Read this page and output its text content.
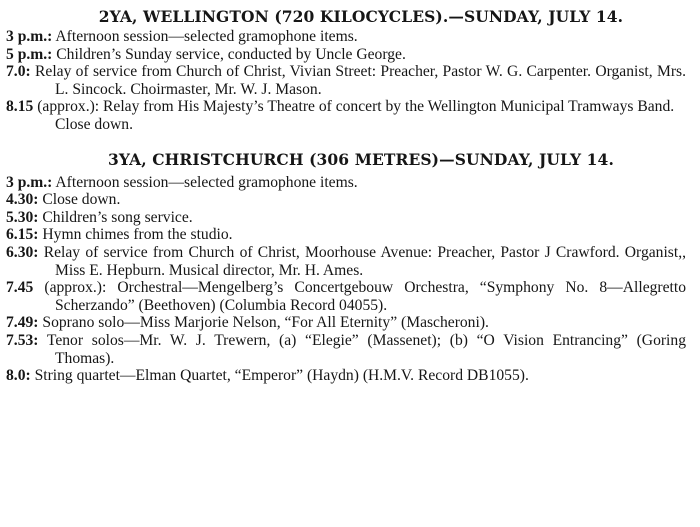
2YA, WELLINGTON (720 KILOCYCLES).—SUNDAY, JULY 14.
3 p.m.: Afternoon session—selected gramophone items.
5 p.m.: Children’s Sunday service, conducted by Uncle George.
7.0: Relay of service from Church of Christ, Vivian Street: Preacher, Pastor W. G. Carpenter. Organist, Mrs. L. Sincock. Choirmaster, Mr. W. J. Mason.
8.15 (approx.): Relay from His Majesty’s Theatre of concert by the Wellington Municipal Tramways Band.
Close down.
3YA, CHRISTCHURCH (306 METRES)—SUNDAY, JULY 14.
3 p.m.: Afternoon session—selected gramophone items.
4.30: Close down.
5.30: Children’s song service.
6.15: Hymn chimes from the studio.
6.30: Relay of service from Church of Christ, Moorhouse Avenue: Preacher, Pastor J Crawford. Organist,, Miss E. Hepburn. Musical director, Mr. H. Ames.
7.45 (approx.): Orchestral—Mengelberg’s Concertgebouw Orchestra, “Symphony No. 8—Allegretto Scherzando” (Beethoven) (Columbia Record 04055).
7.49: Soprano solo—Miss Marjorie Nelson, “For All Eternity” (Mascheroni).
7.53: Tenor solos—Mr. W. J. Trewern, (a) “Elegie” (Massenet); (b) “O Vision Entrancing” (Goring Thomas).
8.0: String quartet—Elman Quartet, “Emperor” (Haydn) (H.M.V. Record DB1055).
